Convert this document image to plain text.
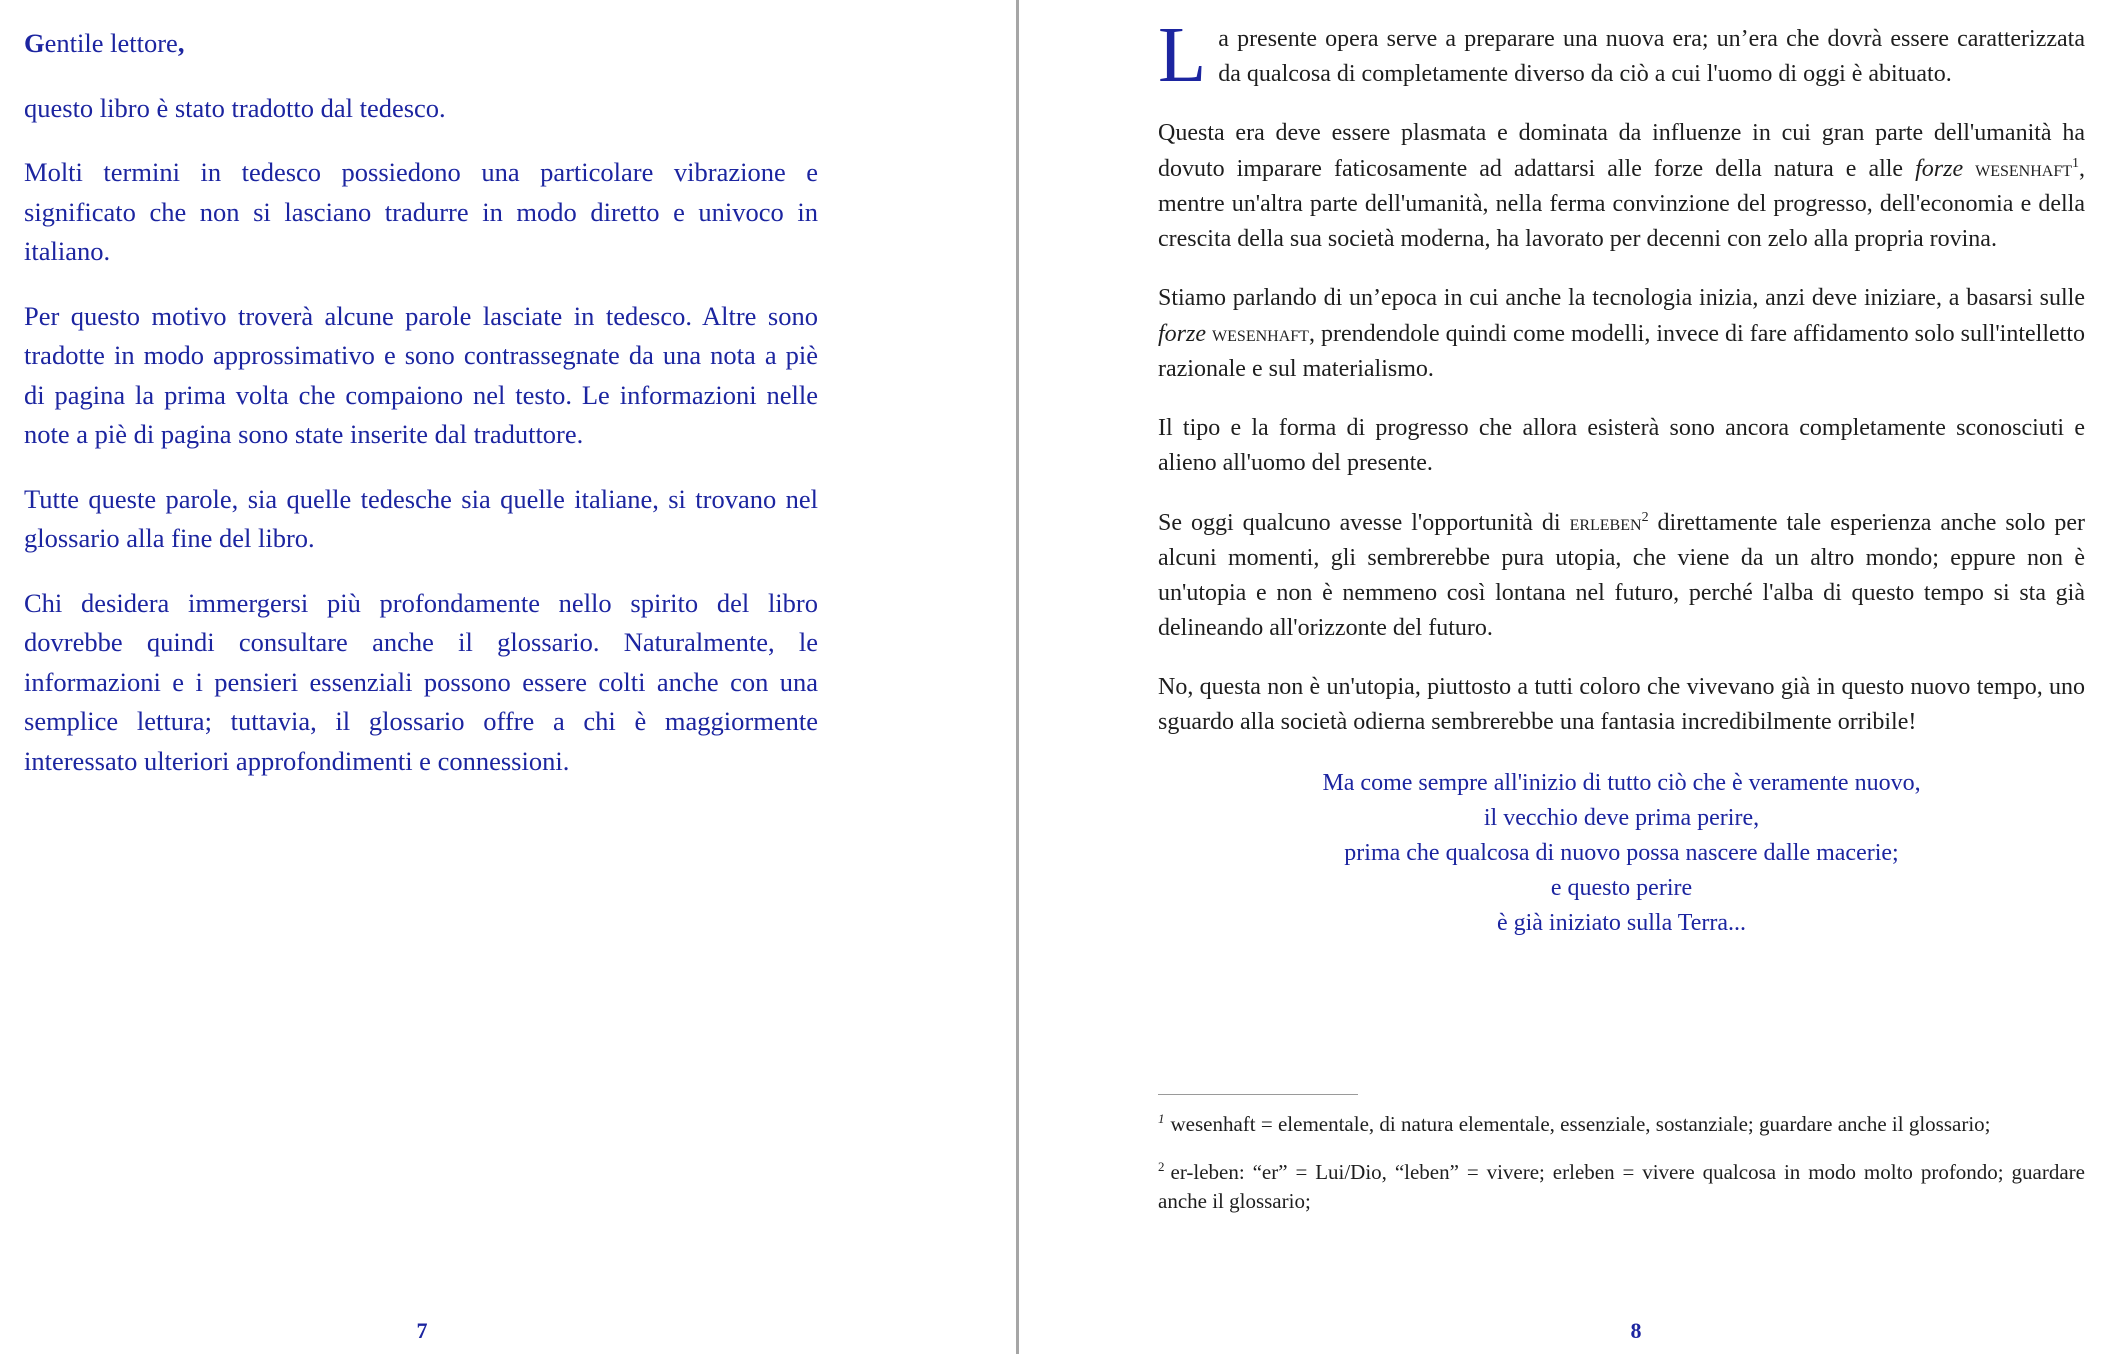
Gentile lettore,

questo libro è stato tradotto dal tedesco.

Molti termini in tedesco possiedono una particolare vibrazione e significato che non si lasciano tradurre in modo diretto e univoco in italiano.

Per questo motivo troverà alcune parole lasciate in tedesco. Altre sono tradotte in modo approssimativo e sono contrassegnate da una nota a piè di pagina la prima volta che compaiono nel testo. Le informazioni nelle note a piè di pagina sono state inserite dal traduttore.

Tutte queste parole, sia quelle tedesche sia quelle italiane, si trovano nel glossario alla fine del libro.

Chi desidera immergersi più profondamente nello spirito del libro dovrebbe quindi consultare anche il glossario. Naturalmente, le informazioni e i pensieri essenziali possono essere colti anche con una semplice lettura; tuttavia, il glossario offre a chi è maggiormente interessato ulteriori approfondimenti e connessioni.

7

La presente opera serve a preparare una nuova era; un’era che dovrà essere caratterizzata da qualcosa di completamente diverso da ciò a cui l'uomo di oggi è abituato.

Questa era deve essere plasmata e dominata da influenze in cui gran parte dell'umanità ha dovuto imparare faticosamente ad adattarsi alle forze della natura e alle forze wesenhaft$^1$, mentre un'altra parte dell'umanità, nella ferma convinzione del progresso, dell'economia e della crescita della sua società moderna, ha lavorato per decenni con zelo alla propria rovina.

Stiamo parlando di un’epoca in cui anche la tecnologia inizia, anzi deve iniziare, a basarsi sulle forze wesenhaft, prendendole quindi come modelli, invece di fare affidamento solo sull'intelletto razionale e sul materialismo.

Il tipo e la forma di progresso che allora esisterà sono ancora completamente sconosciuti e alieno all'uomo del presente.

Se oggi qualcuno avesse l'opportunità di erleben$^2$ direttamente tale esperienza anche solo per alcuni momenti, gli sembrerebbe pura utopia, che viene da un altro mondo; eppure non è un'utopia e non è nemmeno così lontana nel futuro, perché l'alba di questo tempo si sta già delineando all'orizzonte del futuro.

No, questa non è un'utopia, piuttosto a tutti coloro che vivevano già in questo nuovo tempo, uno sguardo alla società odierna sembrerebbe una fantasia incredibilmente orribile!

Ma come sempre all'inizio di tutto ciò che è veramente nuovo,
il vecchio deve prima perire,
prima che qualcosa di nuovo possa nascere dalle macerie;
e questo perire
è già iniziato sulla Terra...

$^1$ wesenhaft = elementale, di natura elementale, essenziale, sostanziale; guardare anche il glossario;

$^2$ er-leben: “er” = Lui/Dio, “leben” = vivere; erleben = vivere qualcosa in modo molto profondo; guardare anche il glossario;

8
